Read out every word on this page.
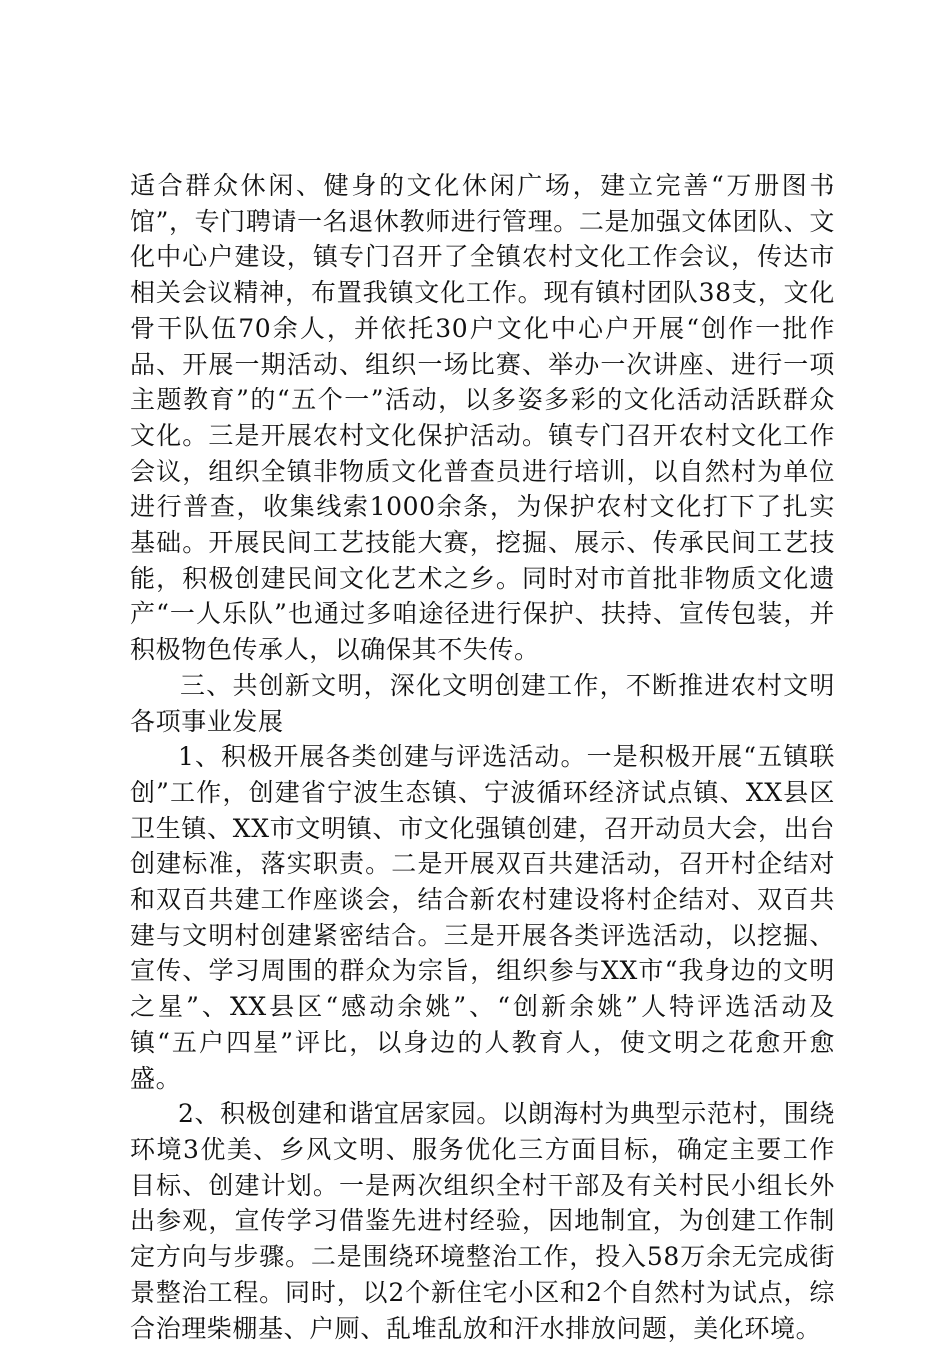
适合群众休闲、健身的文化休闲广场，建立完善“万册图书馆”，专门聘请一名退休教师进行管理。二是加强文体团队、文化中心户建设，镇专门召开了全镇农村文化工作会议，传达市相关会议精神，布置我镇文化工作。现有镇村团队38支，文化骨干队伍70余人，并依托30户文化中心户开展“创作一批作品、开展一期活动、组织一场比赛、举办一次讲座、进行一项主题教育”的“五个一”活动，以多姿多彩的文化活动活跃群众文化。三是开展农村文化保护活动。镇专门召开农村文化工作会议，组织全镇非物质文化普查员进行培训，以自然村为单位进行普查，收集线索1000余条，为保护农村文化打下了扎实基础。开展民间工艺技能大赛，挖掘、展示、传承民间工艺技能，积极创建民间文化艺术之乡。同时对市首批非物质文化遗产“一人乐队”也通过多咱途径进行保护、扶持、宣传包装，并积极物色传承人，以确保其不失传。

三、共创新文明，深化文明创建工作，不断推进农村文明各项事业发展

1、积极开展各类创建与评选活动。一是积极开展“五镇联创”工作，创建省宁波生态镇、宁波循环经济试点镇、XX县区卫生镇、XX市文明镇、市文化强镇创建，召开动员大会，出台创建标准，落实职责。二是开展双百共建活动，召开村企结对和双百共建工作座谈会，结合新农村建设将村企结对、双百共建与文明村创建紧密结合。三是开展各类评选活动，以挖掘、宣传、学习周围的群众为宗旨，组织参与XX市“我身边的文明之星”、XX县区“感动余姚”、“创新余姚”人特评选活动及镇“五户四星”评比，以身边的人教育人，使文明之花愈开愈盛。

2、积极创建和谐宜居家园。以朗海村为典型示范村，围绕环境3优美、乡风文明、服务优化三方面目标，确定主要工作目标、创建计划。一是两次组织全村干部及有关村民小组长外出参观，宣传学习借鉴先进村经验，因地制宜，为创建工作制定方向与步骤。二是围绕环境整治工作，投入58万余无完成街景整治工程。同时，以2个新住宅小区和2个自然村为试点，综合治理柴棚基、户厕、乱堆乱放和汗水排放问题，美化环境。
